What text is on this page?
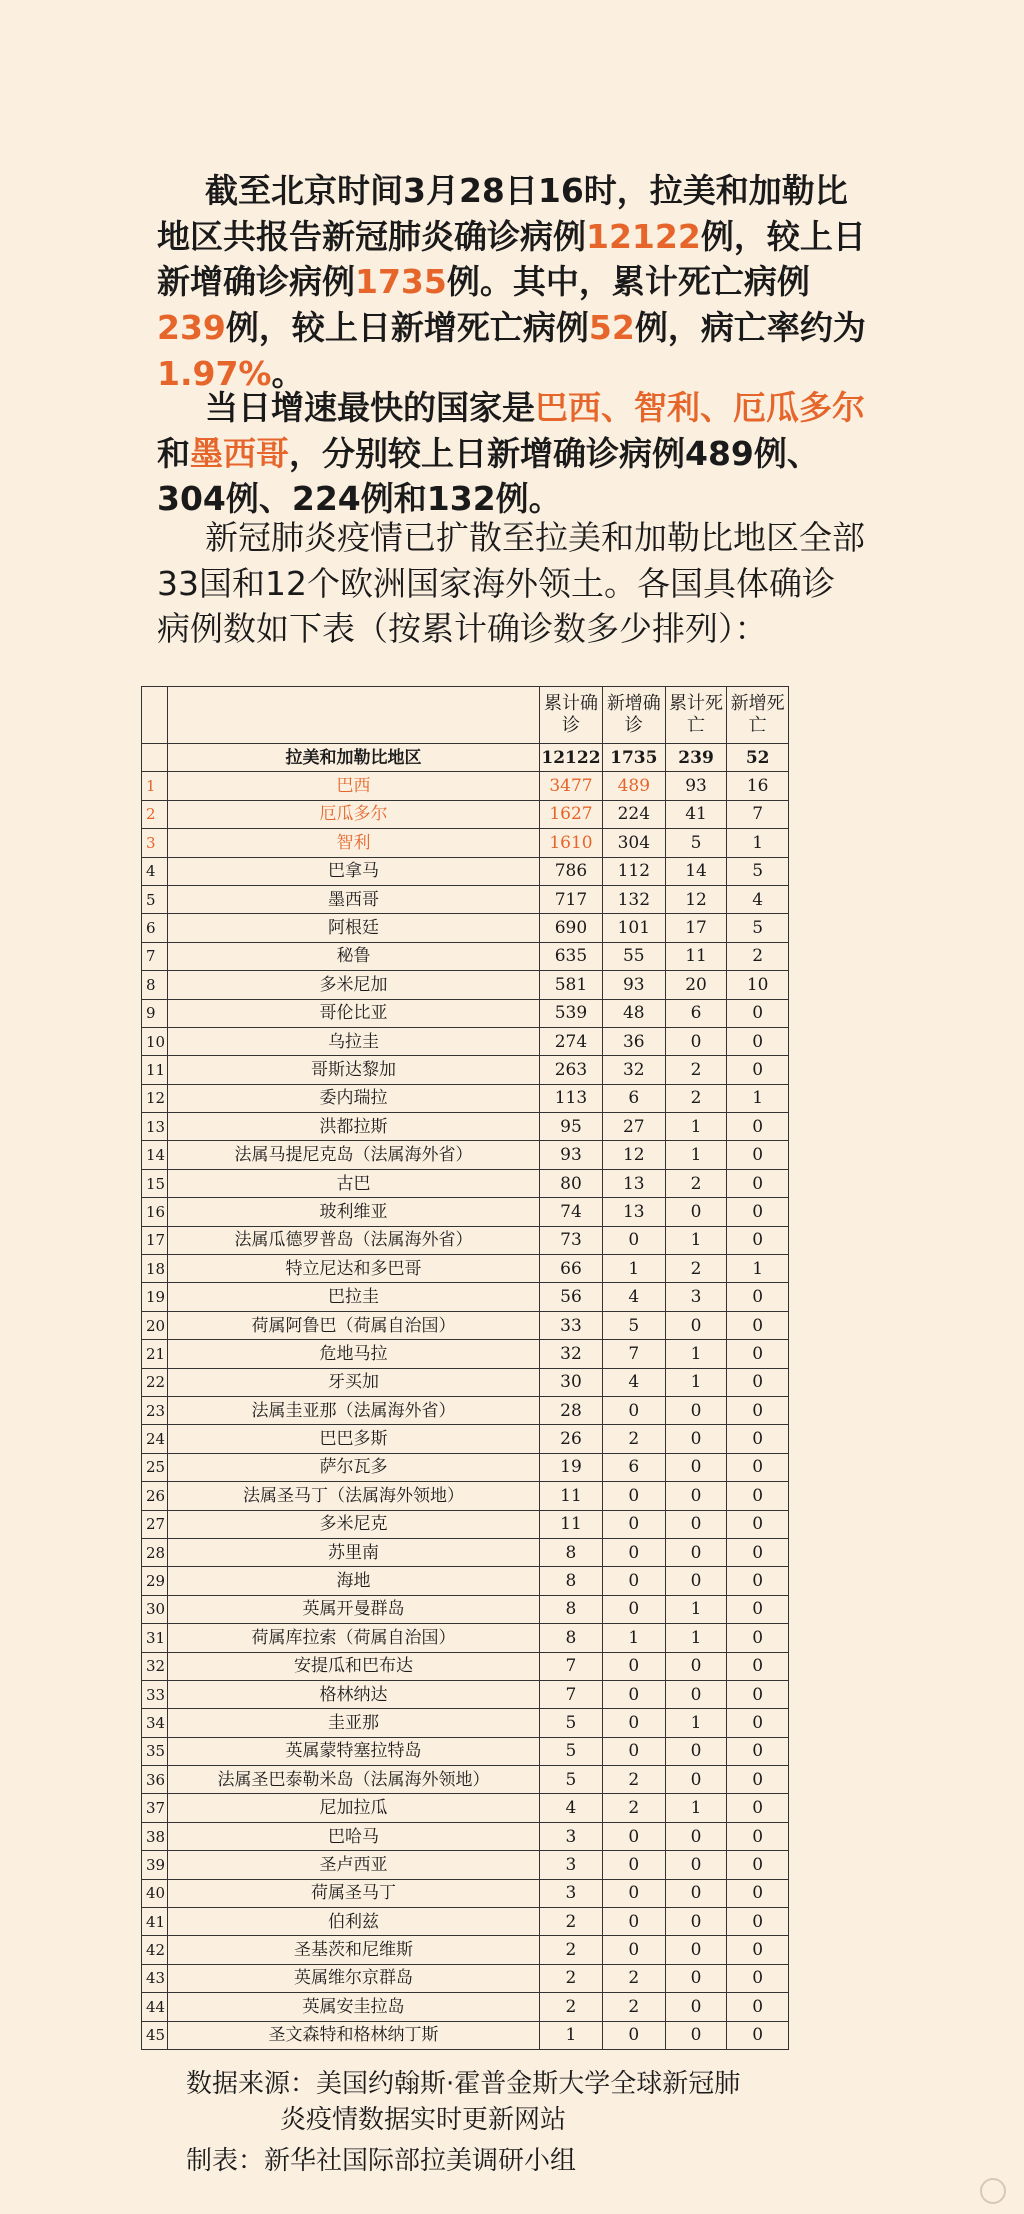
截至北京时间3月28日16时，拉美和加勒比地区共报告新冠肺炎确诊病例12122例，较上日新增确诊病例1735例。其中，累计死亡病例239例，较上日新增死亡病例52例，病亡率约为1.97%。

当日增速最快的国家是巴西、智利、厄瓜多尔和墨西哥，分别较上日新增确诊病例489例、304例、224例和132例。

新冠肺炎疫情已扩散至拉美和加勒比地区全部33国和12个欧洲国家海外领土。各国具体确诊病例数如下表（按累计确诊数多少排列）：

		累计确诊	新增确诊	累计死亡	新增死亡
	拉美和加勒比地区	12122	1735	239	52
1	巴西	3477	489	93	16
2	厄瓜多尔	1627	224	41	7
3	智利	1610	304	5	1
4	巴拿马	786	112	14	5
5	墨西哥	717	132	12	4
6	阿根廷	690	101	17	5
7	秘鲁	635	55	11	2
8	多米尼加	581	93	20	10
9	哥伦比亚	539	48	6	0
10	乌拉圭	274	36	0	0
11	哥斯达黎加	263	32	2	0
12	委内瑞拉	113	6	2	1
13	洪都拉斯	95	27	1	0
14	法属马提尼克岛（法属海外省）	93	12	1	0
15	古巴	80	13	2	0
16	玻利维亚	74	13	0	0
17	法属瓜德罗普岛（法属海外省）	73	0	1	0
18	特立尼达和多巴哥	66	1	2	1
19	巴拉圭	56	4	3	0
20	荷属阿鲁巴（荷属自治国）	33	5	0	0
21	危地马拉	32	7	1	0
22	牙买加	30	4	1	0
23	法属圭亚那（法属海外省）	28	0	0	0
24	巴巴多斯	26	2	0	0
25	萨尔瓦多	19	6	0	0
26	法属圣马丁（法属海外领地）	11	0	0	0
27	多米尼克	11	0	0	0
28	苏里南	8	0	0	0
29	海地	8	0	0	0
30	英属开曼群岛	8	0	1	0
31	荷属库拉索（荷属自治国）	8	1	1	0
32	安提瓜和巴布达	7	0	0	0
33	格林纳达	7	0	0	0
34	圭亚那	5	0	1	0
35	英属蒙特塞拉特岛	5	0	0	0
36	法属圣巴泰勒米岛（法属海外领地）	5	2	0	0
37	尼加拉瓜	4	2	1	0
38	巴哈马	3	0	0	0
39	圣卢西亚	3	0	0	0
40	荷属圣马丁	3	0	0	0
41	伯利兹	2	0	0	0
42	圣基茨和尼维斯	2	0	0	0
43	英属维尔京群岛	2	2	0	0
44	英属安圭拉岛	2	2	0	0
45	圣文森特和格林纳丁斯	1	0	0	0

数据来源：美国约翰斯·霍普金斯大学全球新冠肺
炎疫情数据实时更新网站

制表：新华社国际部拉美调研小组
